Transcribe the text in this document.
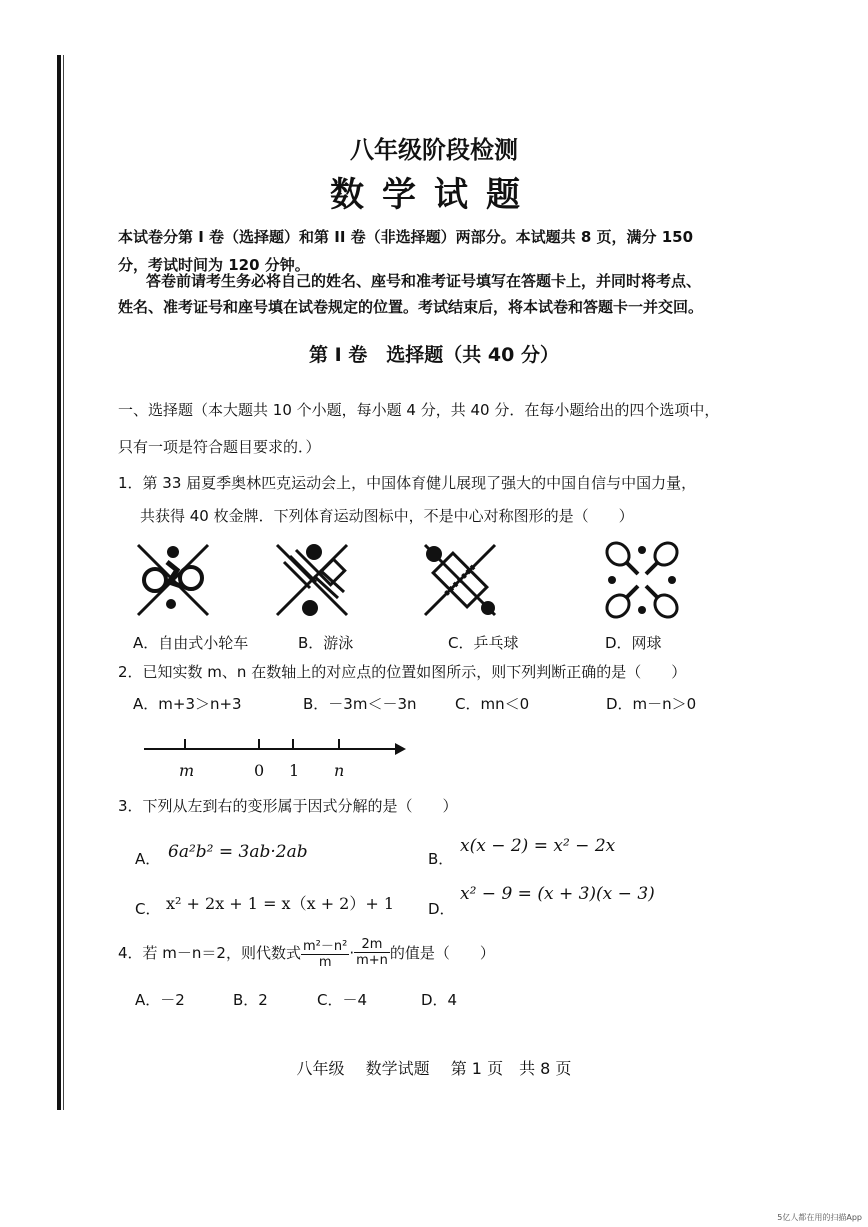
八年级阶段检测
数学试题
本试卷分第 I 卷（选择题）和第 II 卷（非选择题）两部分。本试题共 8 页，满分 150
分，考试时间为 120 分钟。
答卷前请考生务必将自己的姓名、座号和准考证号填写在答题卡上，并同时将考点、
姓名、准考证号和座号填在试卷规定的位置。考试结束后，将本试卷和答题卡一并交回。
第 I 卷　选择题（共 40 分）
一、选择题（本大题共 10 个小题，每小题 4 分，共 40 分．在每小题给出的四个选项中，
只有一项是符合题目要求的．）
1．第 33 届夏季奥林匹克运动会上，中国体育健儿展现了强大的中国自信与中国力量，
共获得 40 枚金牌．下列体育运动图标中，不是中心对称图形的是（　　）
A．自由式小轮车	B．游泳	C．乒乓球	D．网球
2．已知实数 m、n 在数轴上的对应点的位置如图所示，则下列判断正确的是（　　）
A．m+3＞n+3	B．－3m＜－3n	C．mn＜0	D．m－n＞0
m	0 1 n
3．下列从左到右的变形属于因式分解的是（　　）
A． 6a²b² = 3ab·2ab	B．
x(x − 2) = x² − 2x
C． x² + 2x + 1 = x（x + 2）+ 1 D．
x² − 9 = (x + 3)(x − 3)
4．若 m－n＝2，则代数式 $\frac{\text{m²－n²}}{m} \cdot \frac{2m}{m+n}$ 的值是（　　）
A．－2	B．2	C．－4	D．4
八年级　 数学试题　 第 1 页　共 8 页
5亿人都在用的扫描App
